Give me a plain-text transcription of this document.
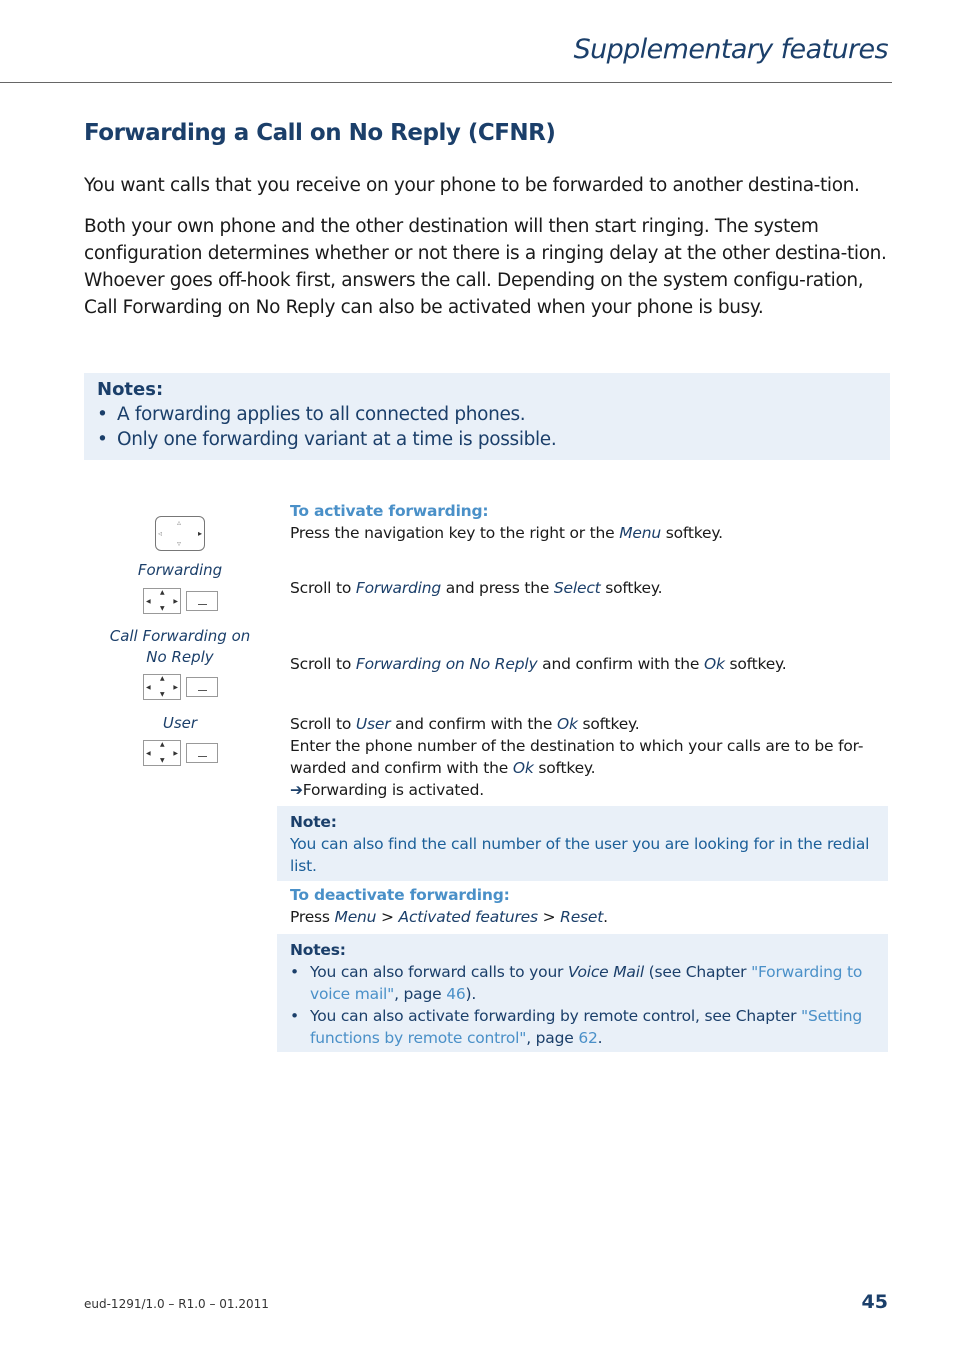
Supplementary features
Forwarding a Call on No Reply (CFNR)

You want calls that you receive on your phone to be forwarded to another destina-tion.

Both your own phone and the other destination will then start ringing. The system configuration determines whether or not there is a ringing delay at the other destina-tion. Whoever goes off-hook first, answers the call. Depending on the system configu-ration, Call Forwarding on No Reply can also be activated when your phone is busy.

Notes:
• A forwarding applies to all connected phones.
• Only one forwarding variant at a time is possible.
▵
▿
◃	▸
Forwarding
▲
▼
◀	▶
Call Forwarding on No Reply
▲
▼
◀	▶
User
▲
▼
◀	▶
To activate forwarding:
Press the navigation key to the right or the Menu softkey.
Scroll to Forwarding and press the Select softkey.
Scroll to Forwarding on No Reply and confirm with the Ok softkey.
Scroll to User and confirm with the Ok softkey.
Enter the phone number of the destination to which your calls are to be for-warded and confirm with the Ok softkey.
➔Forwarding is activated.
Note:
You can also find the call number of the user you are looking for in the redial list.
To deactivate forwarding:
Press Menu > Activated features > Reset.
Notes:
• You can also forward calls to your Voice Mail (see Chapter "Forwarding to voice mail", page 46).
• You can also activate forwarding by remote control, see Chapter "Setting functions by remote control", page 62.
eud-1291/1.0 – R1.0 – 01.2011	45
